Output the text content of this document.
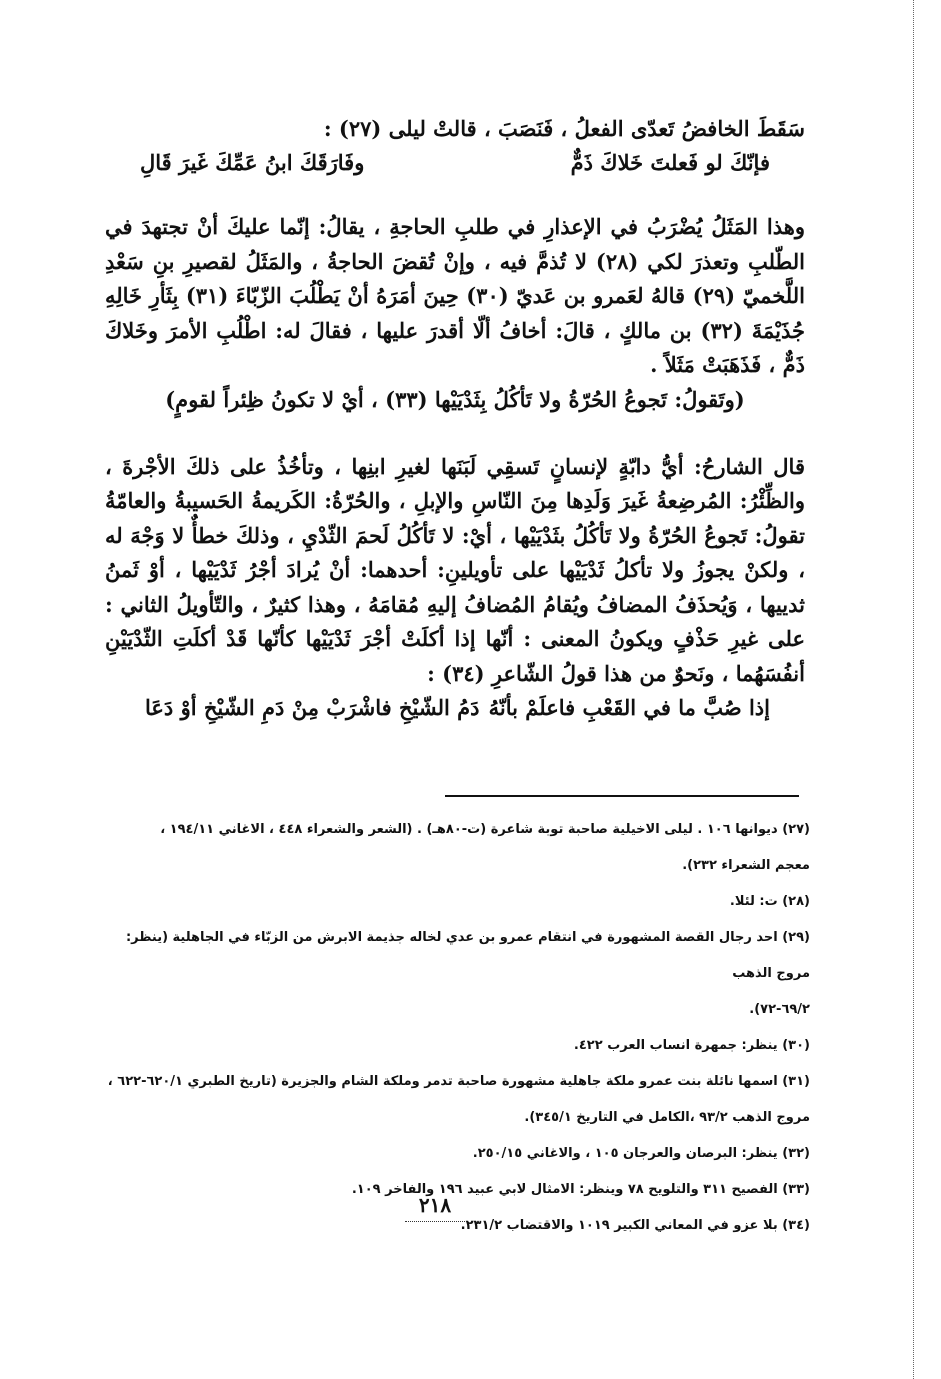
سَقَطَ الخافضُ تَعدّى الفعلُ ، فَنَصَبَ ، قالتْ ليلى (٢٧) :
فإنّكَ لو فَعلتَ خَلاكَ ذَمٌّ
وفَارَقَكَ ابنُ عَمِّكَ غَيرَ قَالِ
وهذا المَثَلُ يُضْرَبُ في الإعذارِ في طلبِ الحاجةِ ، يقالُ: إنّما عليكَ أنْ تجتهدَ في الطّلبِ وتعذرَ لكي (٢٨) لا تُذمَّ فيه ، وإنْ تُقضَ الحاجةُ ، والمَثَلُ لقصيرِ بنِ سَعْدِ اللَّخميّ (٢٩) قالهُ لعَمرو بن عَديّ (٣٠) حِينَ أمَرَهُ أنْ يَطْلُبَ الزّبّاءَ (٣١) بِثَأرِ خَالِهِ جُذَيْمَةَ (٣٢) بن مالكٍ ، قالَ: أخافُ ألّا أقدرَ عليها ، فقالَ له: اطْلُبِ الأمرَ وخَلاكَ ذَمٌّ ، فَذَهَبَتْ مَثَلاً .
(وتَقولُ: تَجوعُ الحُرّةُ ولا تَأكُلُ بِثَدْيَيْها (٣٣) ، أيْ لا تكونُ ظِئراً لقومٍ)
قال الشارحُ: أيُّ دابّةٍ لإنسانٍ تَسقِي لَبَنَها لغيرِ ابنِها ، وتأخُذُ على ذلكَ الأجْرةَ ، والظِّئْرُ: المُرضِعةُ غَيرَ وَلَدِها مِنَ النّاسِ والإبلِ ، والحُرّةُ: الكَريمةُ الحَسيبةُ والعامّةُ تقولُ: تَجوعُ الحُرّةُ ولا تَأكُلُ بثَدْيَيْها ، أيْ: لا تَأكُلُ لَحمَ الثّدْيِ ، وذلكَ خطأٌ لا وَجْهَ له ، ولكنْ يجوزُ ولا تأكلُ ثَدْيَيْها على تأويلينِ: أحدهما: أنْ يُرادَ أجْرُ ثَدْيَيْها ، أوْ ثَمنُ ثدييها ، وَيُحذَفُ المضافُ ويُقامُ المُضافُ إليهِ مُقامَهُ ، وهذا كثيرٌ ، والتّأويلُ الثاني : على غيرِ حَذْفٍ ويكونُ المعنى : أنّها إذا أكلَتْ أجْرَ ثَدْيَيْها كأنّها قَدْ أكلَتِ الثّدْيَيْنِ أنفُسَهُما ، ونَحوٌ من هذا قولُ الشّاعرِ (٣٤) :
إذا صُبَّ ما في القَعْبِ فاعلَمْ بأنّهُ
دَمُ الشّيْخِ فاشْرَبْ مِنْ دَمِ الشّيْخِ أوْ دَعَا
(٢٧) ديوانها ١٠٦ . ليلى الاخيلية صاحبة توبة شاعرة (ت-٨٠هـ) . (الشعر والشعراء ٤٤٨ ، الاغاني ١٩٤/١١ ،
معجم الشعراء ٢٣٢).
(٢٨) ت: لئلا.
(٢٩) احد رجال القصة المشهورة في انتقام عمرو بن عدي لخاله جذيمة الابرش من الزبّاء في الجاهلية (ينظر: مروج الذهب
٦٩/٢-٧٢).
(٣٠) ينظر: جمهرة انساب العرب ٤٢٢.
(٣١) اسمها نائلة بنت عمرو ملكة جاهلية مشهورة صاحبة تدمر وملكة الشام والجزيرة (تاريخ الطبري ٦٢٠/١-٦٢٢ ،
مروج الذهب ٩٣/٢ ،الكامل في التاريخ ٣٤٥/١).
(٣٢) ينظر: البرصان والعرجان ١٠٥ ، والاغاني ٢٥٠/١٥.
(٣٣) الفصيح ٣١١ والتلويح ٧٨ وينظر: الامثال لابي عبيد ١٩٦ والفاخر ١٠٩.
(٣٤) بلا عزو في المعاني الكبير ١٠١٩ والاقتضاب ٢٣١/٢.
٢١٨
